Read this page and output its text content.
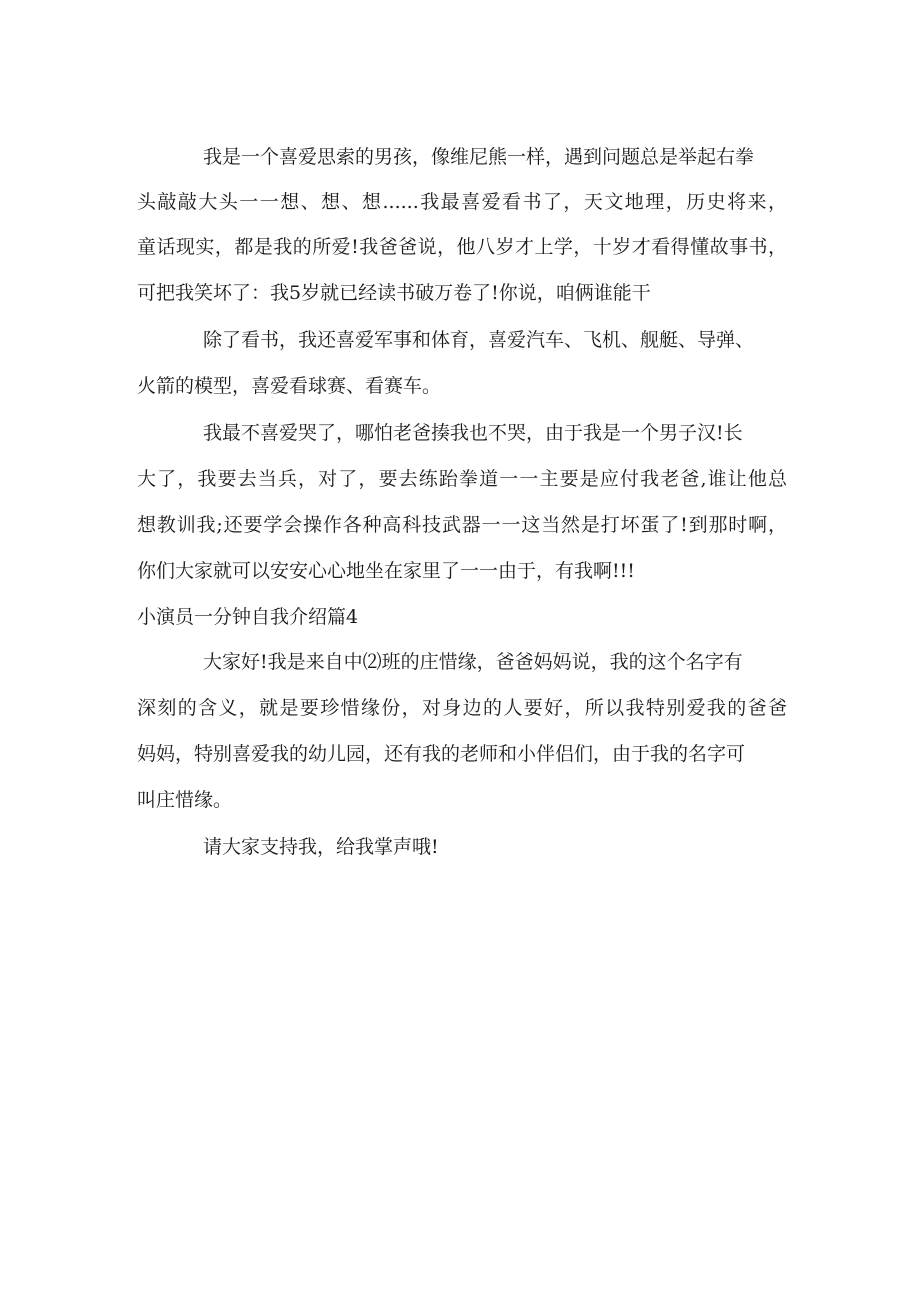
我是一个喜爱思索的男孩，像维尼熊一样，遇到问题总是举起右拳
头敲敲大头一一想、想、想......我最喜爱看书了，天文地理，历史将来，
童话现实，都是我的所爱!我爸爸说，他八岁才上学，十岁才看得懂故事书，
可把我笑坏了：我5岁就已经读书破万卷了!你说，咱俩谁能干
除了看书，我还喜爱军事和体育，喜爱汽车、飞机、舰艇、导弹、
火箭的模型，喜爱看球赛、看赛车。
我最不喜爱哭了，哪怕老爸揍我也不哭，由于我是一个男子汉!长
大了，我要去当兵，对了，要去练跆拳道一一主要是应付我老爸,谁让他总
想教训我;还要学会操作各种高科技武器一一这当然是打坏蛋了!到那时啊，
你们大家就可以安安心心地坐在家里了一一由于，有我啊!!!
小演员一分钟自我介绍篇4
大家好!我是来自中⑵班的庄惜缘，爸爸妈妈说，我的这个名字有
深刻的含义，就是要珍惜缘份，对身边的人要好，所以我特别爱我的爸爸
妈妈，特别喜爱我的幼儿园，还有我的老师和小伴侣们，由于我的名字可
叫庄惜缘。
请大家支持我，给我掌声哦!
